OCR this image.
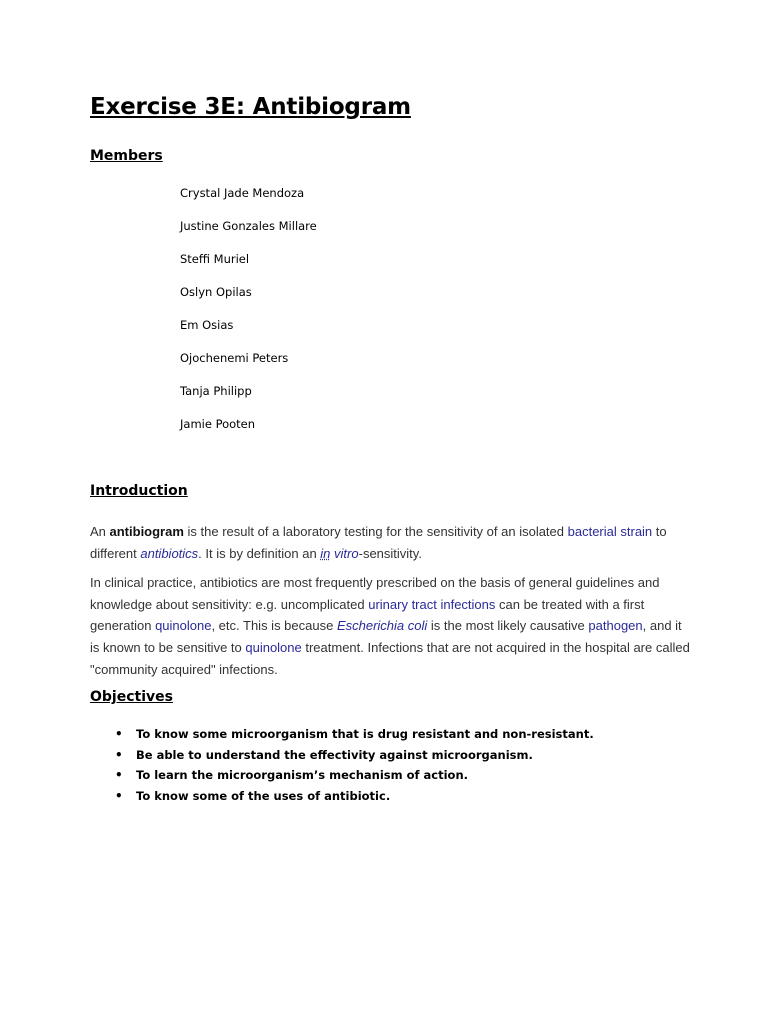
Exercise 3E: Antibiogram
Members
Crystal Jade Mendoza
Justine Gonzales Millare
Steffi Muriel
Oslyn Opilas
Em Osias
Ojochenemi Peters
Tanja Philipp
Jamie Pooten
Introduction

An antibiogram is the result of a laboratory testing for the sensitivity of an isolated bacterial strain to different antibiotics. It is by definition an in vitro-sensitivity.

In clinical practice, antibiotics are most frequently prescribed on the basis of general guidelines and knowledge about sensitivity: e.g. uncomplicated urinary tract infections can be treated with a first generation quinolone, etc. This is because Escherichia coli is the most likely causative pathogen, and it is known to be sensitive to quinolone treatment. Infections that are not acquired in the hospital are called "community acquired" infections.

Objectives
• To know some microorganism that is drug resistant and non-resistant.
• Be able to understand the effectivity against microorganism.
• To learn the microorganism’s mechanism of action.
• To know some of the uses of antibiotic.
